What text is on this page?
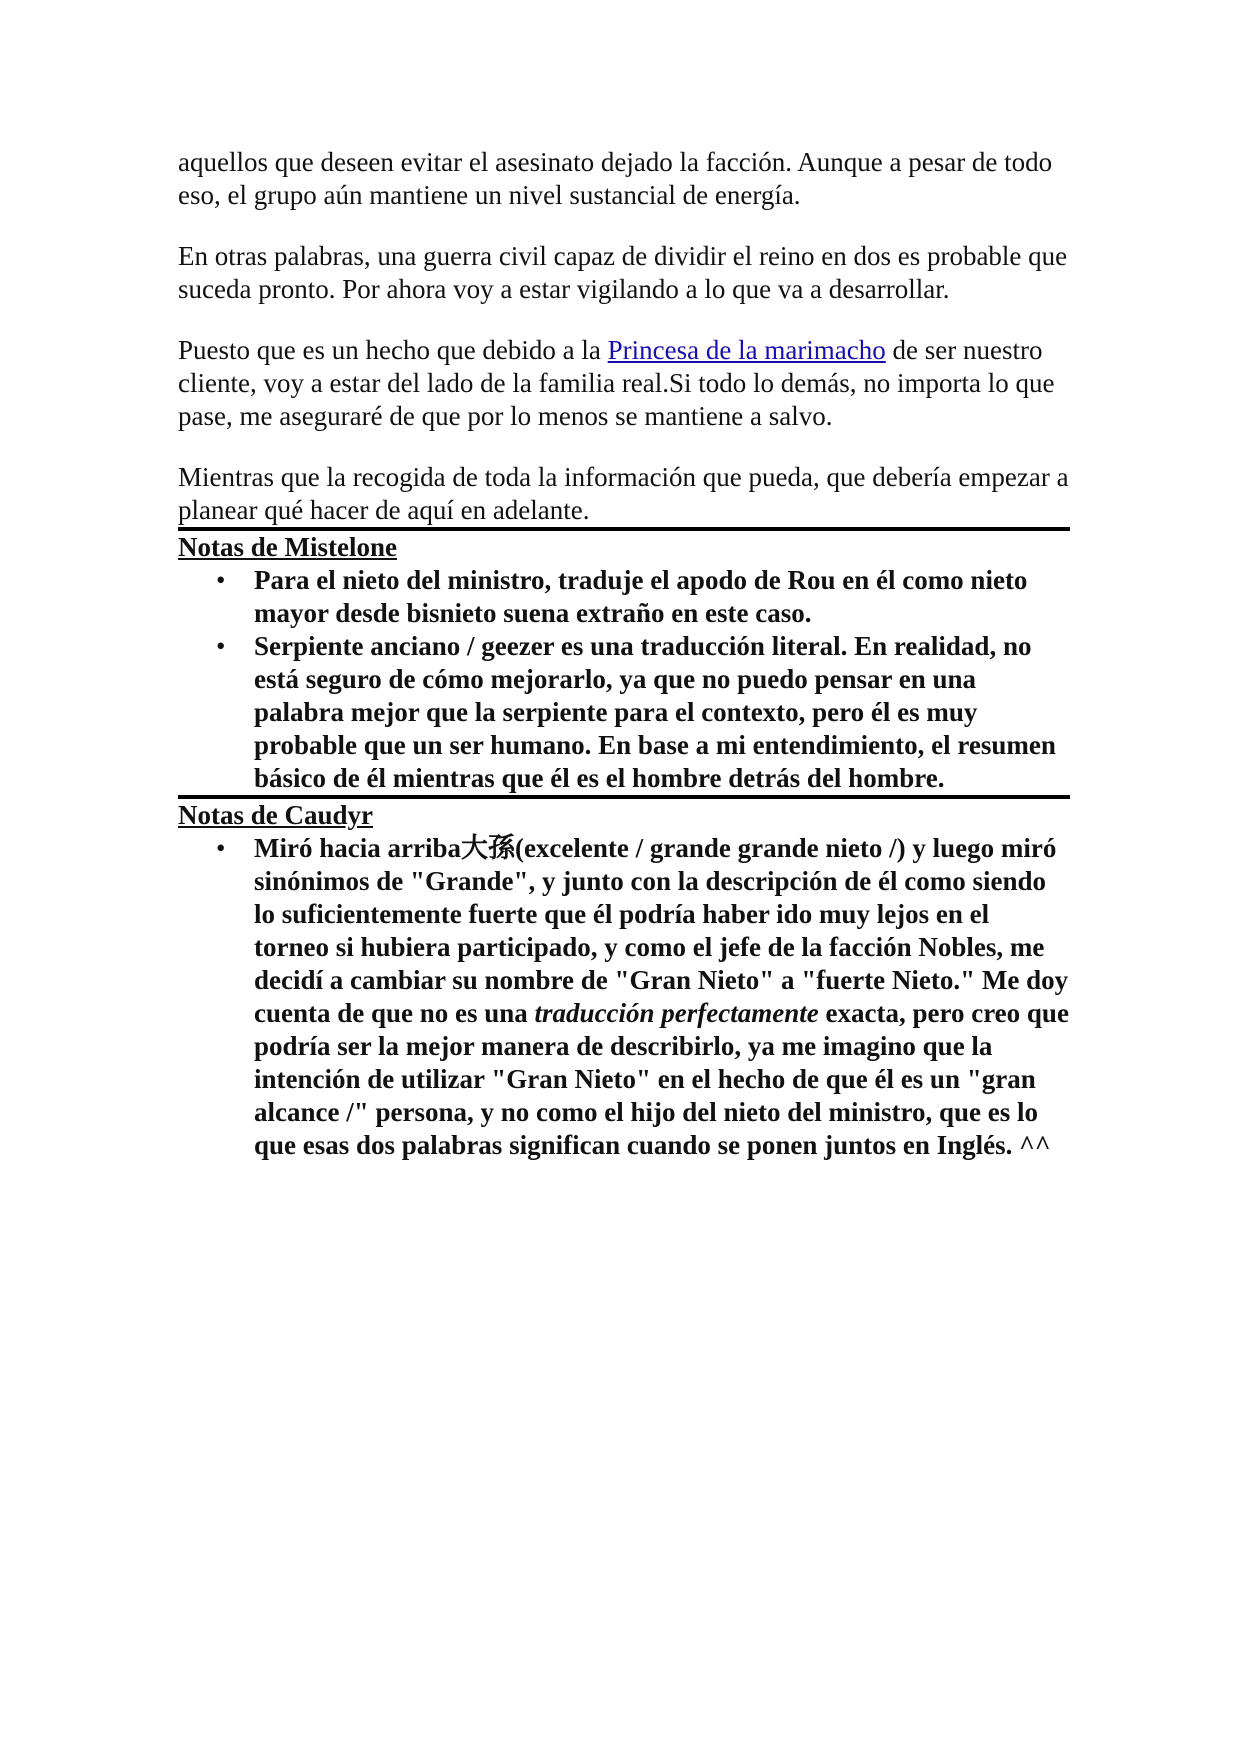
aquellos que deseen evitar el asesinato dejado la facción. Aunque a pesar de todo eso, el grupo aún mantiene un nivel sustancial de energía.

En otras palabras, una guerra civil capaz de dividir el reino en dos es probable que suceda pronto. Por ahora voy a estar vigilando a lo que va a desarrollar.

Puesto que es un hecho que debido a la Princesa de la marimacho de ser nuestro cliente, voy a estar del lado de la familia real.Si todo lo demás, no importa lo que pase, me aseguraré de que por lo menos se mantiene a salvo.

Mientras que la recogida de toda la información que pueda, que debería empezar a planear qué hacer de aquí en adelante.

Notas de Mistelone
• Para el nieto del ministro, traduje el apodo de Rou en él como nieto mayor desde bisnieto suena extraño en este caso.
• Serpiente anciano / geezer es una traducción literal. En realidad, no está seguro de cómo mejorarlo, ya que no puedo pensar en una palabra mejor que la serpiente para el contexto, pero él es muy probable que un ser humano. En base a mi entendimiento, el resumen básico de él mientras que él es el hombre detrás del hombre.
Notas de Caudyr
• Miró hacia arriba大孫(excelente / grande grande nieto /) y luego miró sinónimos de "Grande", y junto con la descripción de él como siendo lo suficientemente fuerte que él podría haber ido muy lejos en el torneo si hubiera participado, y como el jefe de la facción Nobles, me decidí a cambiar su nombre de "Gran Nieto" a "fuerte Nieto." Me doy cuenta de que no es una traducción perfectamente exacta, pero creo que podría ser la mejor manera de describirlo, ya me imagino que la intención de utilizar "Gran Nieto" en el hecho de que él es un "gran alcance /" persona, y no como el hijo del nieto del ministro, que es lo que esas dos palabras significan cuando se ponen juntos en Inglés. ^^
